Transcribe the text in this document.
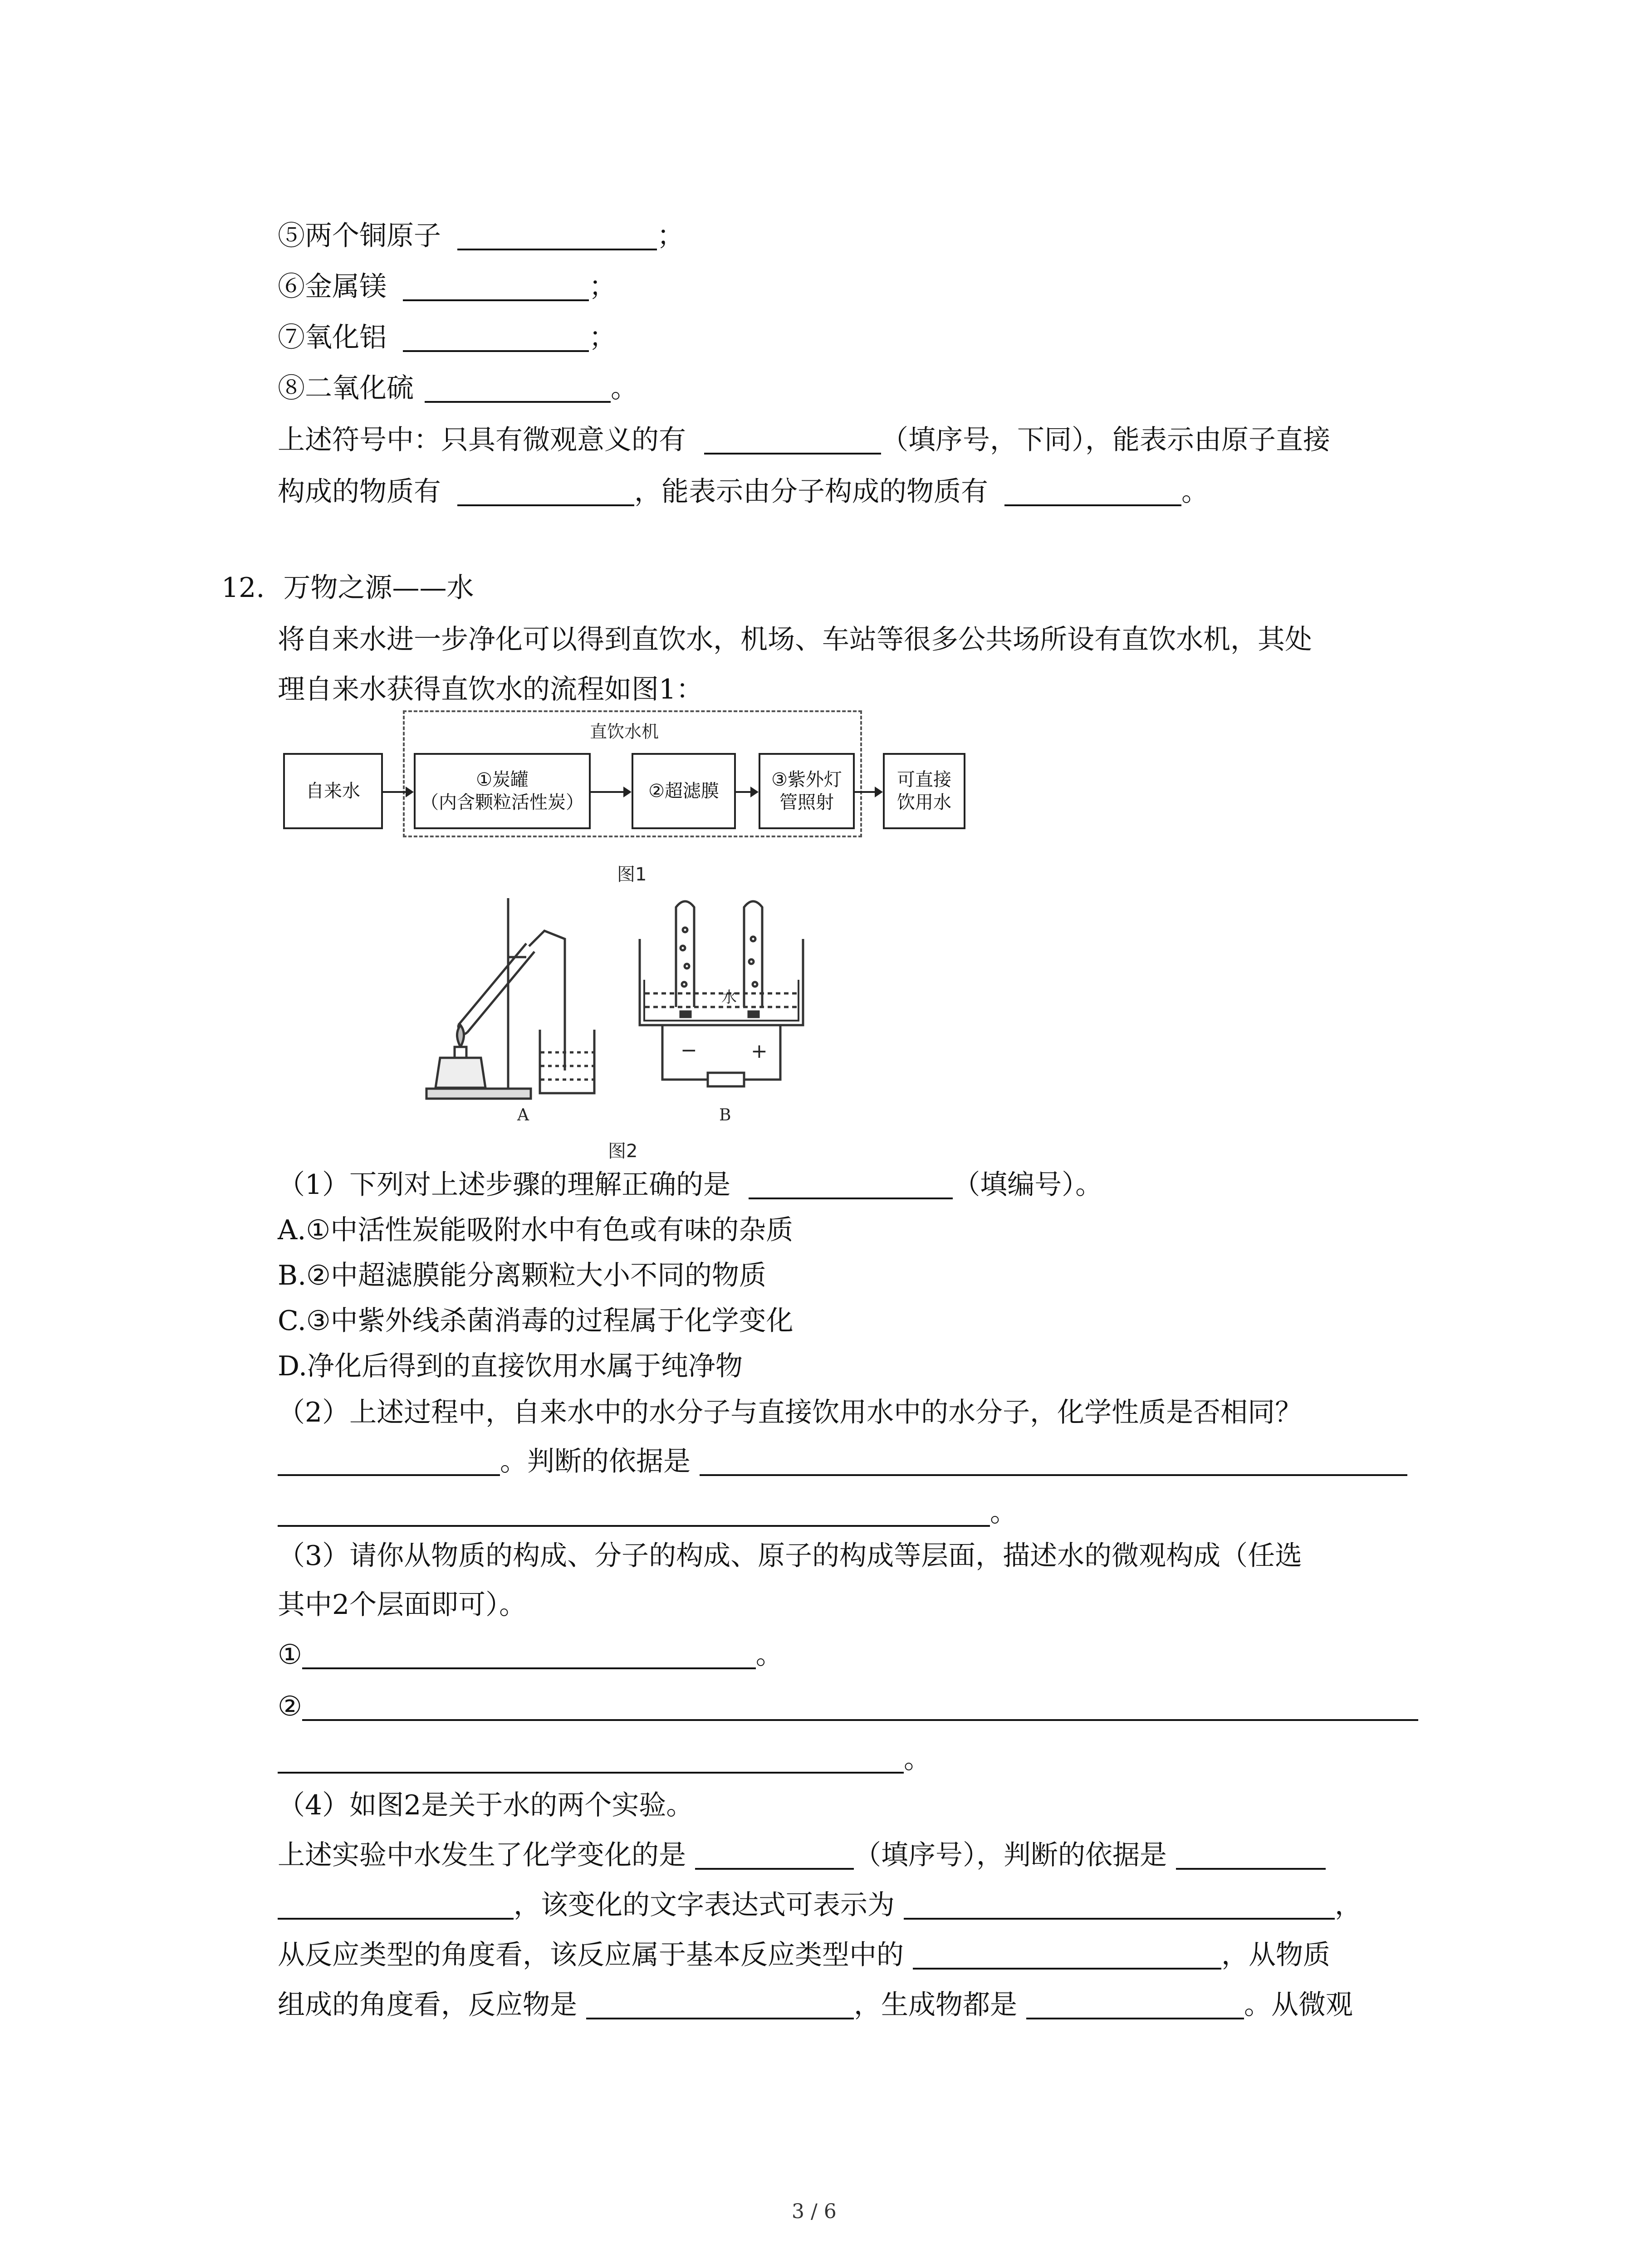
⑤两个铜原子	；
⑥金属镁	；
⑦氧化铝	；
⑧二氧化硫	。
上述符号中：只具有微观意义的有	（填序号，下同），能表示由原子直接
构成的物质有	，能表示由分子构成的物质有	。
12. 万物之源——水
将自来水进一步净化可以得到直饮水，机场、车站等很多公共场所设有直饮水机，其处
理自来水获得直饮水的流程如图1：
直饮水机
自来水
①炭罐
（内含颗粒活性炭）
②超滤膜
③紫外灯
管照射
可直接
饮用水
图1
水
−	+
A	B
图2
（1）下列对上述步骤的理解正确的是	（填编号）。
A.①中活性炭能吸附水中有色或有味的杂质
B.②中超滤膜能分离颗粒大小不同的物质
C.③中紫外线杀菌消毒的过程属于化学变化
D.净化后得到的直接饮用水属于纯净物
（2）上述过程中，自来水中的水分子与直接饮用水中的水分子，化学性质是否相同？
。判断的依据是
。
（3）请你从物质的构成、分子的构成、原子的构成等层面，描述水的微观构成（任选
其中2个层面即可）。
①	。
②
。
（4）如图2是关于水的两个实验。
上述实验中水发生了化学变化的是	（填序号），判断的依据是
，该变化的文字表达式可表示为	，
从反应类型的角度看，该反应属于基本反应类型中的	，从物质
组成的角度看，反应物是	，生成物都是	。从微观
3 / 6
